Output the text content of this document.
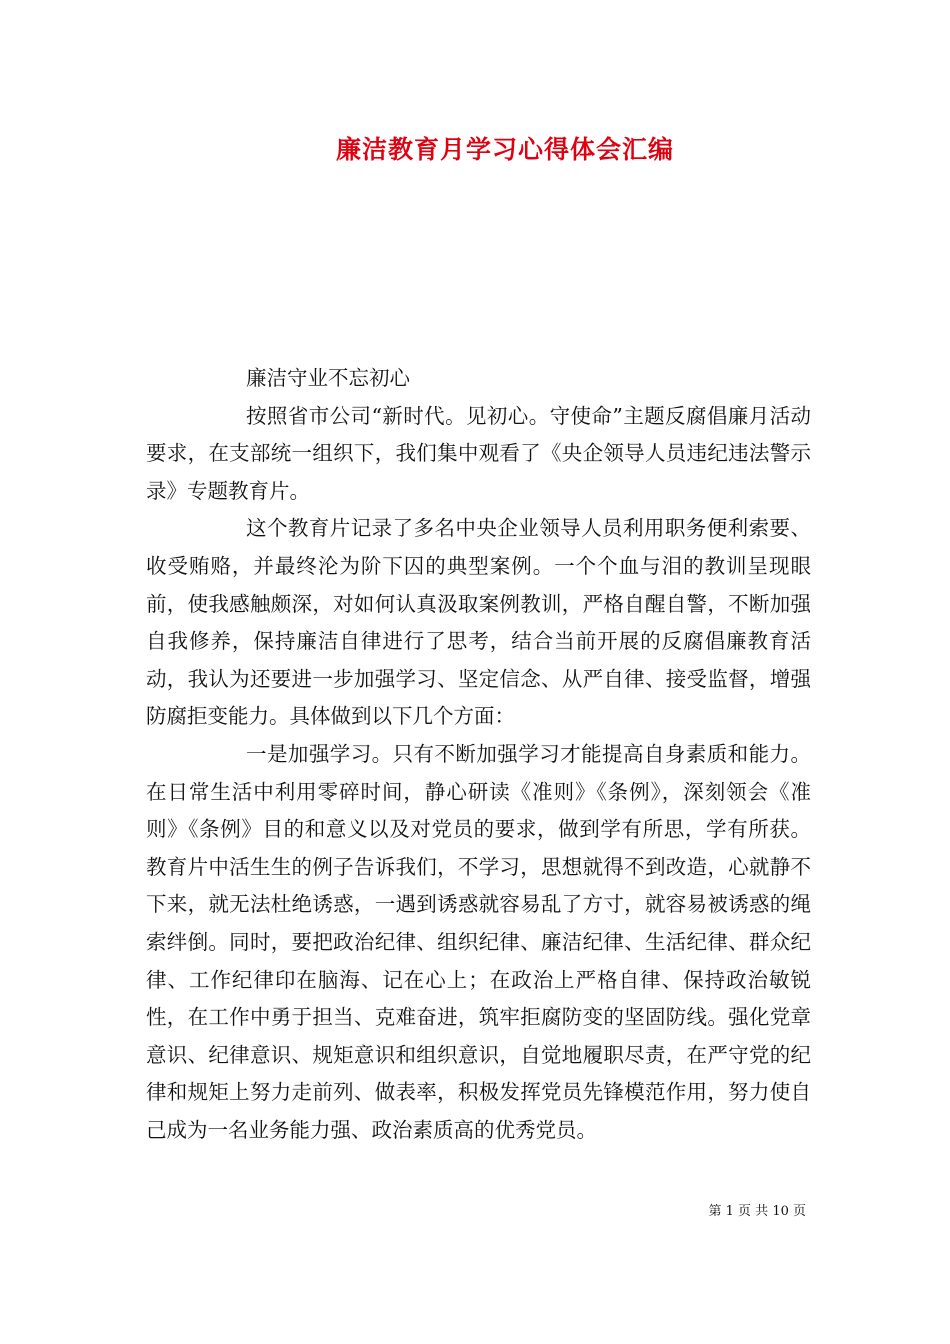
廉洁教育月学习心得体会汇编

廉洁守业不忘初心

按照省市公司“新时代。见初心。守使命”主题反腐倡廉月活动要求，在支部统一组织下，我们集中观看了《央企领导人员违纪违法警示录》专题教育片。

这个教育片记录了多名中央企业领导人员利用职务便利索要、收受贿赂，并最终沦为阶下囚的典型案例。一个个血与泪的教训呈现眼前，使我感触颇深，对如何认真汲取案例教训，严格自醒自警，不断加强自我修养，保持廉洁自律进行了思考，结合当前开展的反腐倡廉教育活动，我认为还要进一步加强学习、坚定信念、从严自律、接受监督，增强防腐拒变能力。具体做到以下几个方面：

一是加强学习。只有不断加强学习才能提高自身素质和能力。在日常生活中利用零碎时间，静心研读《准则》《条例》，深刻领会《准则》《条例》目的和意义以及对党员的要求，做到学有所思，学有所获。教育片中活生生的例子告诉我们，不学习，思想就得不到改造，心就静不下来，就无法杜绝诱惑，一遇到诱惑就容易乱了方寸，就容易被诱惑的绳索绊倒。同时，要把政治纪律、组织纪律、廉洁纪律、生活纪律、群众纪律、工作纪律印在脑海、记在心上；在政治上严格自律、保持政治敏锐性，在工作中勇于担当、克难奋进，筑牢拒腐防变的坚固防线。强化党章意识、纪律意识、规矩意识和组织意识，自觉地履职尽责，在严守党的纪律和规矩上努力走前列、做表率，积极发挥党员先锋模范作用，努力使自己成为一名业务能力强、政治素质高的优秀党员。

第 1 页 共 10 页
